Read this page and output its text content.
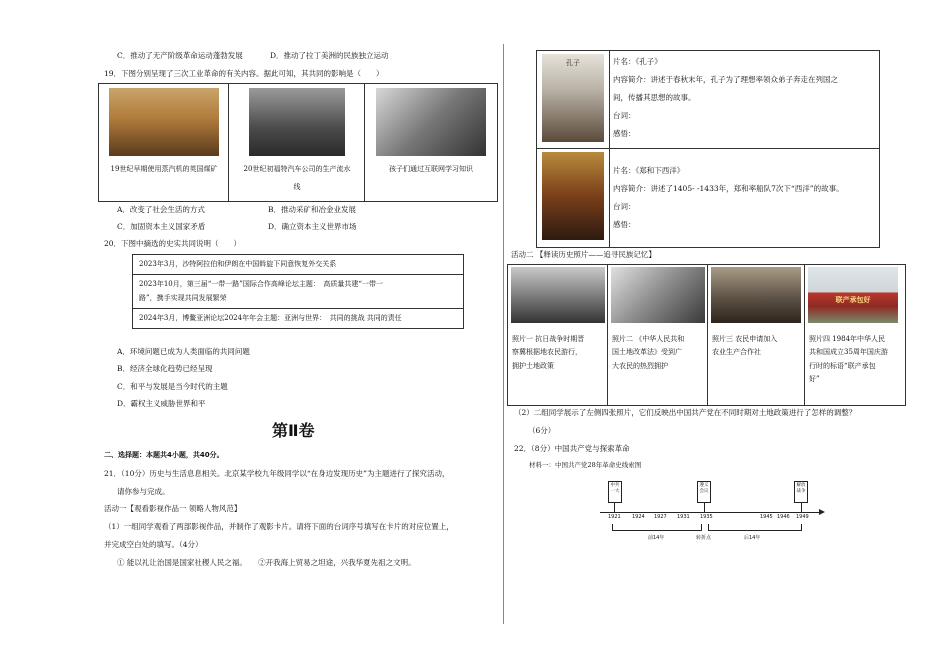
C．推动了无产阶级革命运动蓬勃发展	D．推动了拉丁美洲的民族独立运动
19．下图分别呈现了三次工业革命的有关内容。据此可知，其共同的影响是（　　）
19世纪早期使用蒸汽机的英国煤矿	20世纪初福特汽车公司的生产流水
线
孩子们通过互联网学习知识
A．改变了社会生活的方式	B．推动采矿和冶金业发展
C．加固资本主义国家矛盾	D．确立资本主义世界市场
20．下图中摘选的史实共同说明（　　）
2023年3月，沙特阿拉伯和伊朗在中国斡旋下同意恢复外交关系

2023年10月，第三届“一带一路”国际合作高峰论坛主题：　高质量共建“一带一
路”，携手实现共同发展繁荣

2024年3月，博鳌亚洲论坛2024年年会主题：亚洲与世界：　共同的挑战 共同的责任
A．环境问题已成为人类面临的共同问题
B．经济全球化趋势已经呈现
C．和平与发展是当今时代的主题
D．霸权主义威胁世界和平
第Ⅱ卷
二、选择题：本题共4小题，共40分。
21．（10分）历史与生活息息相关。北京某学校九年级同学以“在身边发现历史”为主题进行了探究活动，
请你参与完成。
活动一【观看影视作品一 领略人物风范】
（1）一组同学观看了两部影视作品，并制作了观影卡片。请将下面的台词序号填写在卡片的对应位置上，
并完成空白处的填写。（4分）
① 能以礼让治国是国家社稷人民之福。　　②开我海上贸易之坦途，兴我华夏先祖之文明。
孔子	片名：《孔子》
内容简介：讲述于春秋末年，孔子为了理想率领众弟子奔走在列国之
间，传播其思想的故事。
台词：
感悟：
片名：《郑和下西洋》
内容简介：讲述了1405- -1433年，郑和率船队7次下“西洋”的故事。
台词：
感悟：
活动二 【释读历史照片——追寻民族记忆】
照片一 抗日战争时期晋
察冀根据地农民游行，
拥护土地政策
照片二 《中华人民共和
国土地改革法》受到广
大农民的热烈拥护
照片三 农民申请加入
农业生产合作社
联产承包好
照片四 1984年中华人民
共和国成立35周年国庆游
行时的标语“联产承包
好”
（2）二组同学展示了左侧四张照片，它们反映出中国共产党在不同时期对土地政策进行了怎样的调整？
（6分）
22．（8分）中国共产党与探索革命
材料一：中国共产党28年革命史线索图
中共一大
遵义会议
解放战争
1921 1924 1927 1931 1935	1945 1946 1949
前14年	转折点	后14年
